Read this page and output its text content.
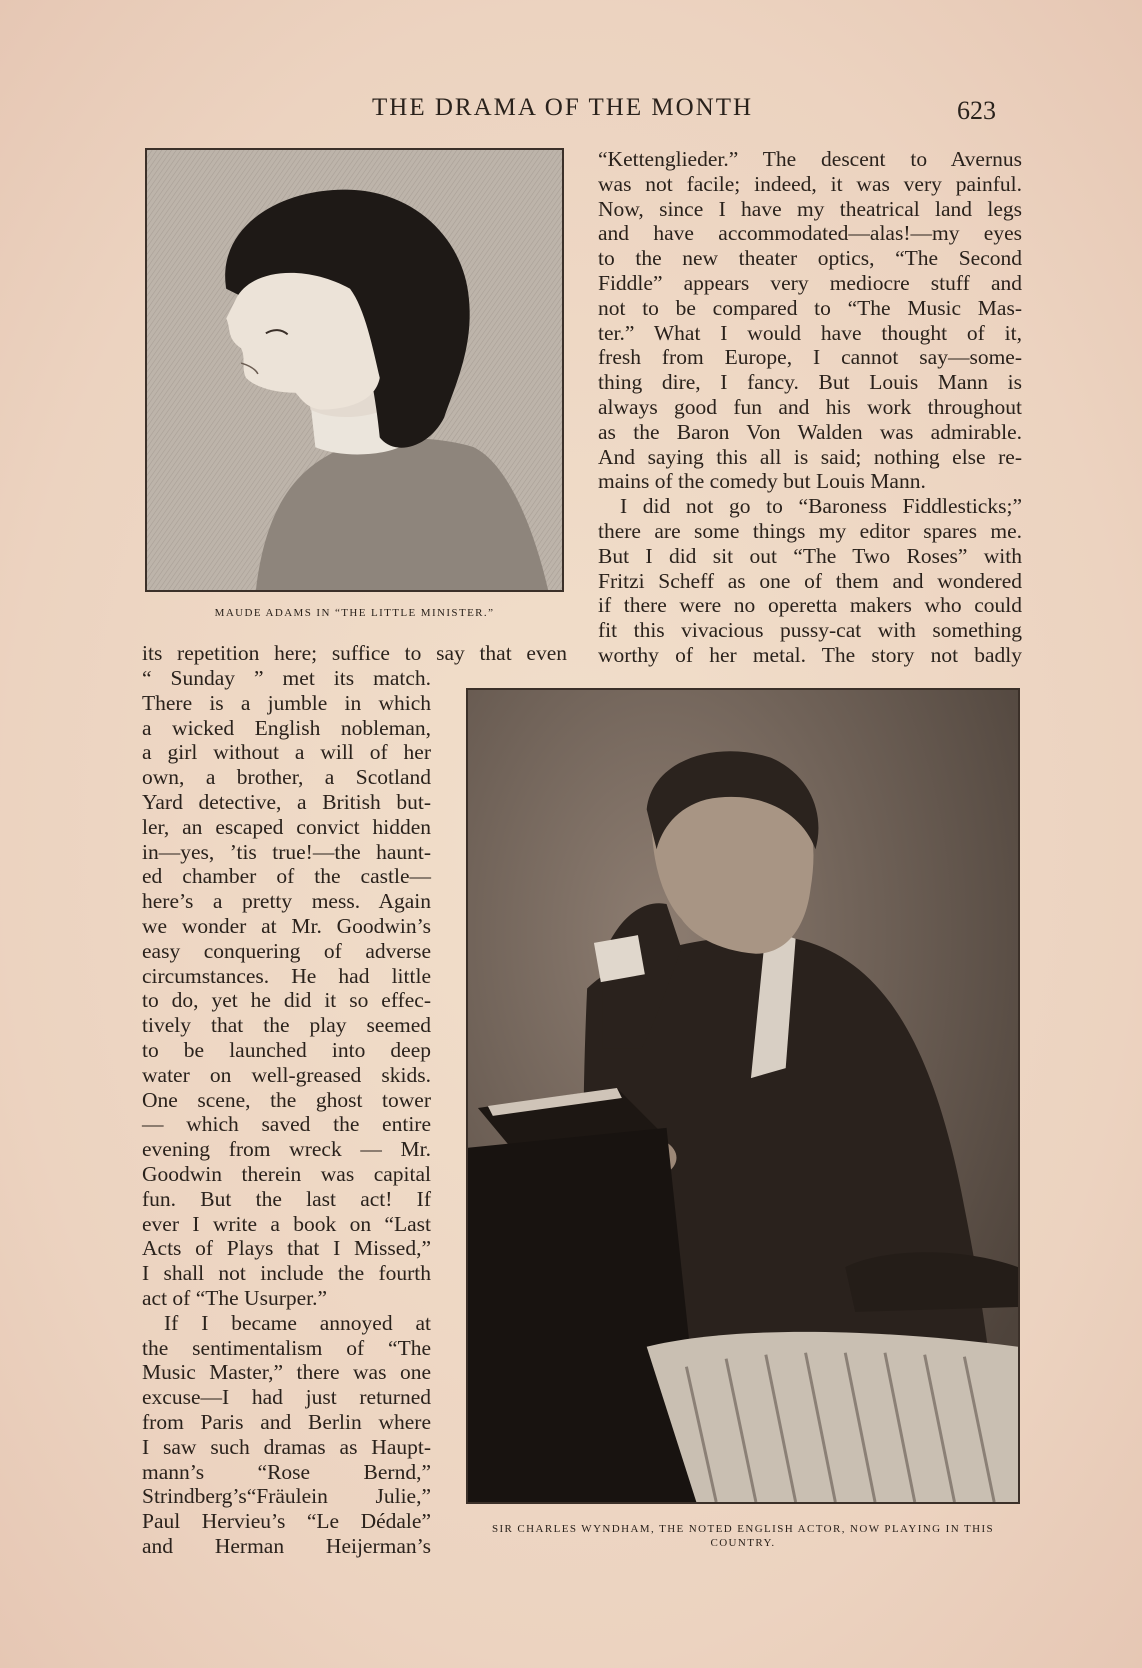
THE DRAMA OF THE MONTH	623
MAUDE ADAMS IN “THE LITTLE MINISTER.”
SIR CHARLES WYNDHAM, THE NOTED ENGLISH ACTOR, NOW PLAYING IN THIS
COUNTRY.
“Kettenglieder.” The descent to Avernus
was not facile; indeed, it was very painful.
Now, since I have my theatrical land legs
and have accommodated—alas!—my eyes
to the new theater optics, “The Second
Fiddle” appears very mediocre stuff and
not to be compared to “The Music Mas-
ter.” What I would have thought of it,
fresh from Europe, I cannot say—some-
thing dire, I fancy. But Louis Mann is
always good fun and his work throughout
as the Baron Von Walden was admirable.
And saying this all is said; nothing else re-
mains of the comedy but Louis Mann.
I did not go to “Baroness Fiddlesticks;”
there are some things my editor spares me.
But I did sit out “The Two Roses” with
Fritzi Scheff as one of them and wondered
if there were no operetta makers who could
fit this vivacious pussy-cat with something
worthy of her metal. The story not badly
its repetition here; suffice to say that even
“ Sunday ” met its match.
There is a jumble in which
a wicked English nobleman,
a girl without a will of her
own, a brother, a Scotland
Yard detective, a British but-
ler, an escaped convict hidden
in—yes, ’tis true!—the haunt-
ed chamber of the castle—
here’s a pretty mess. Again
we wonder at Mr. Goodwin’s
easy conquering of adverse
circumstances. He had little
to do, yet he did it so effec-
tively that the play seemed
to be launched into deep
water on well-greased skids.
One scene, the ghost tower
— which saved the entire
evening from wreck — Mr.
Goodwin therein was capital
fun. But the last act! If
ever I write a book on “Last
Acts of Plays that I Missed,”
I shall not include the fourth
act of “The Usurper.”
If I became annoyed at
the sentimentalism of “The
Music Master,” there was one
excuse—I had just returned
from Paris and Berlin where
I saw such dramas as Haupt-
mann’s “Rose Bernd,”
Strindberg’s“Fräulein Julie,”
Paul Hervieu’s “Le Dédale”
and Herman Heijerman’s
